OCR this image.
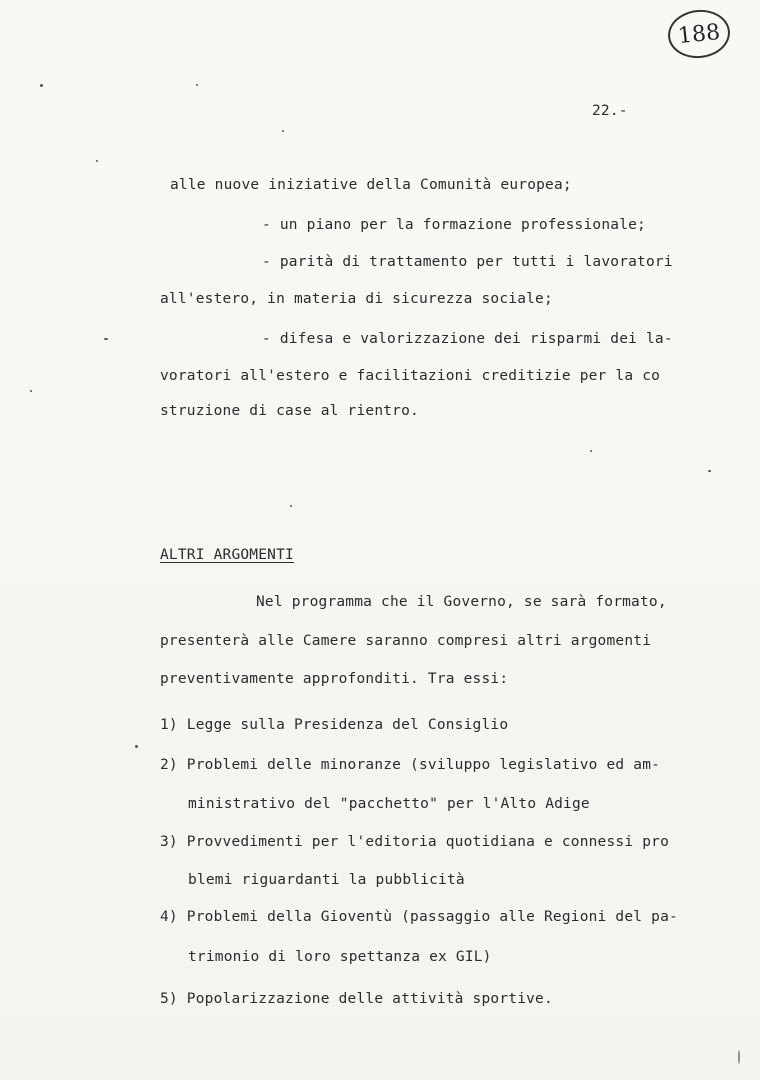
188
22.-
alle nuove iniziative della Comunità europea;
- un piano per la formazione professionale;
- parità di trattamento per tutti i lavoratori
all'estero, in materia di sicurezza sociale;
- difesa e valorizzazione dei risparmi dei la-
voratori all'estero e facilitazioni creditizie per la co
struzione di case al rientro.
ALTRI ARGOMENTI
Nel programma che il Governo, se sarà formato,
presenterà alle Camere saranno compresi altri argomenti
preventivamente approfonditi. Tra essi:
1) Legge sulla Presidenza del Consiglio
2) Problemi delle minoranze (sviluppo legislativo ed am-
ministrativo del "pacchetto" per l'Alto Adige
3) Provvedimenti per l'editoria quotidiana e connessi pro
blemi riguardanti la pubblicità
4) Problemi della Gioventù (passaggio alle Regioni del pa-
trimonio di loro spettanza ex GIL)
5) Popolarizzazione delle attività sportive.
